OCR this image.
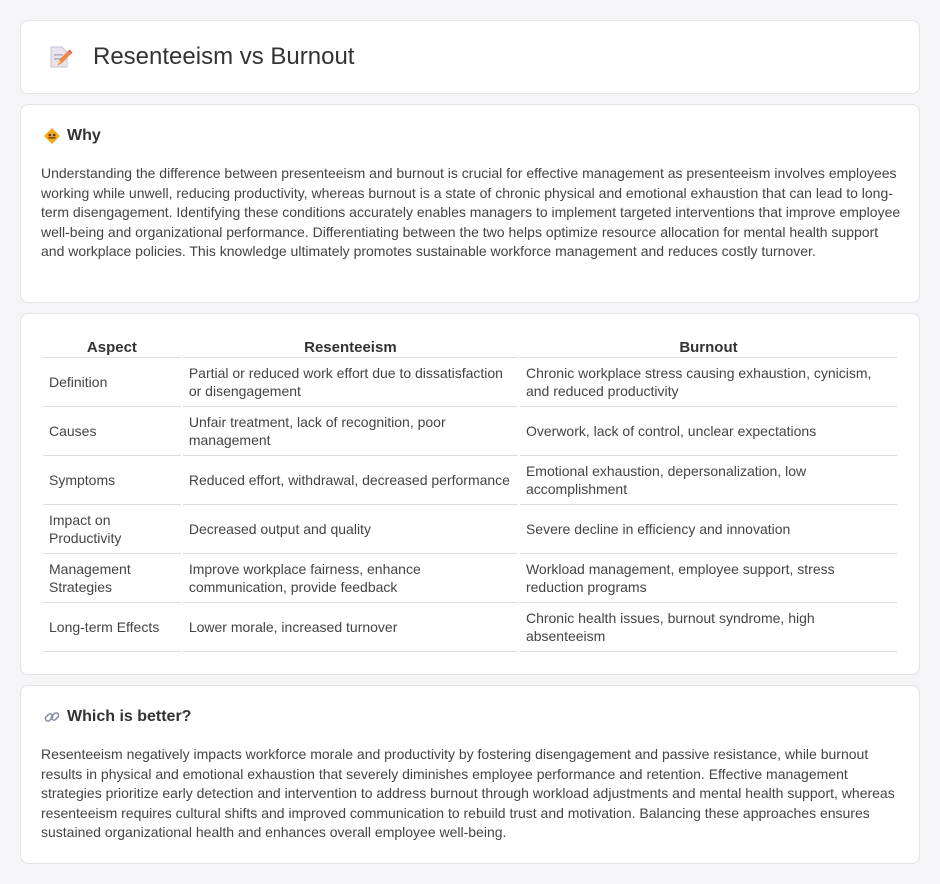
Resenteeism vs Burnout
Why

Understanding the difference between presenteeism and burnout is crucial for effective management as presenteeism involves employees working while unwell, reducing productivity, whereas burnout is a state of chronic physical and emotional exhaustion that can lead to long-term disengagement. Identifying these conditions accurately enables managers to implement targeted interventions that improve employee well-being and organizational performance. Differentiating between the two helps optimize resource allocation for mental health support and workplace policies. This knowledge ultimately promotes sustainable workforce management and reduces costly turnover.

Aspect	Resenteeism	Burnout
Definition	Partial or reduced work effort due to dissatisfaction or disengagement	Chronic workplace stress causing exhaustion, cynicism, and reduced productivity
Causes	Unfair treatment, lack of recognition, poor management	Overwork, lack of control, unclear expectations
Symptoms	Reduced effort, withdrawal, decreased performance	Emotional exhaustion, depersonalization, low accomplishment
Impact on Productivity	Decreased output and quality	Severe decline in efficiency and innovation
Management Strategies	Improve workplace fairness, enhance communication, provide feedback	Workload management, employee support, stress reduction programs
Long-term Effects	Lower morale, increased turnover	Chronic health issues, burnout syndrome, high absenteeism
Which is better?

Resenteeism negatively impacts workforce morale and productivity by fostering disengagement and passive resistance, while burnout results in physical and emotional exhaustion that severely diminishes employee performance and retention. Effective management strategies prioritize early detection and intervention to address burnout through workload adjustments and mental health support, whereas resenteeism requires cultural shifts and improved communication to rebuild trust and motivation. Balancing these approaches ensures sustained organizational health and enhances overall employee well-being.
